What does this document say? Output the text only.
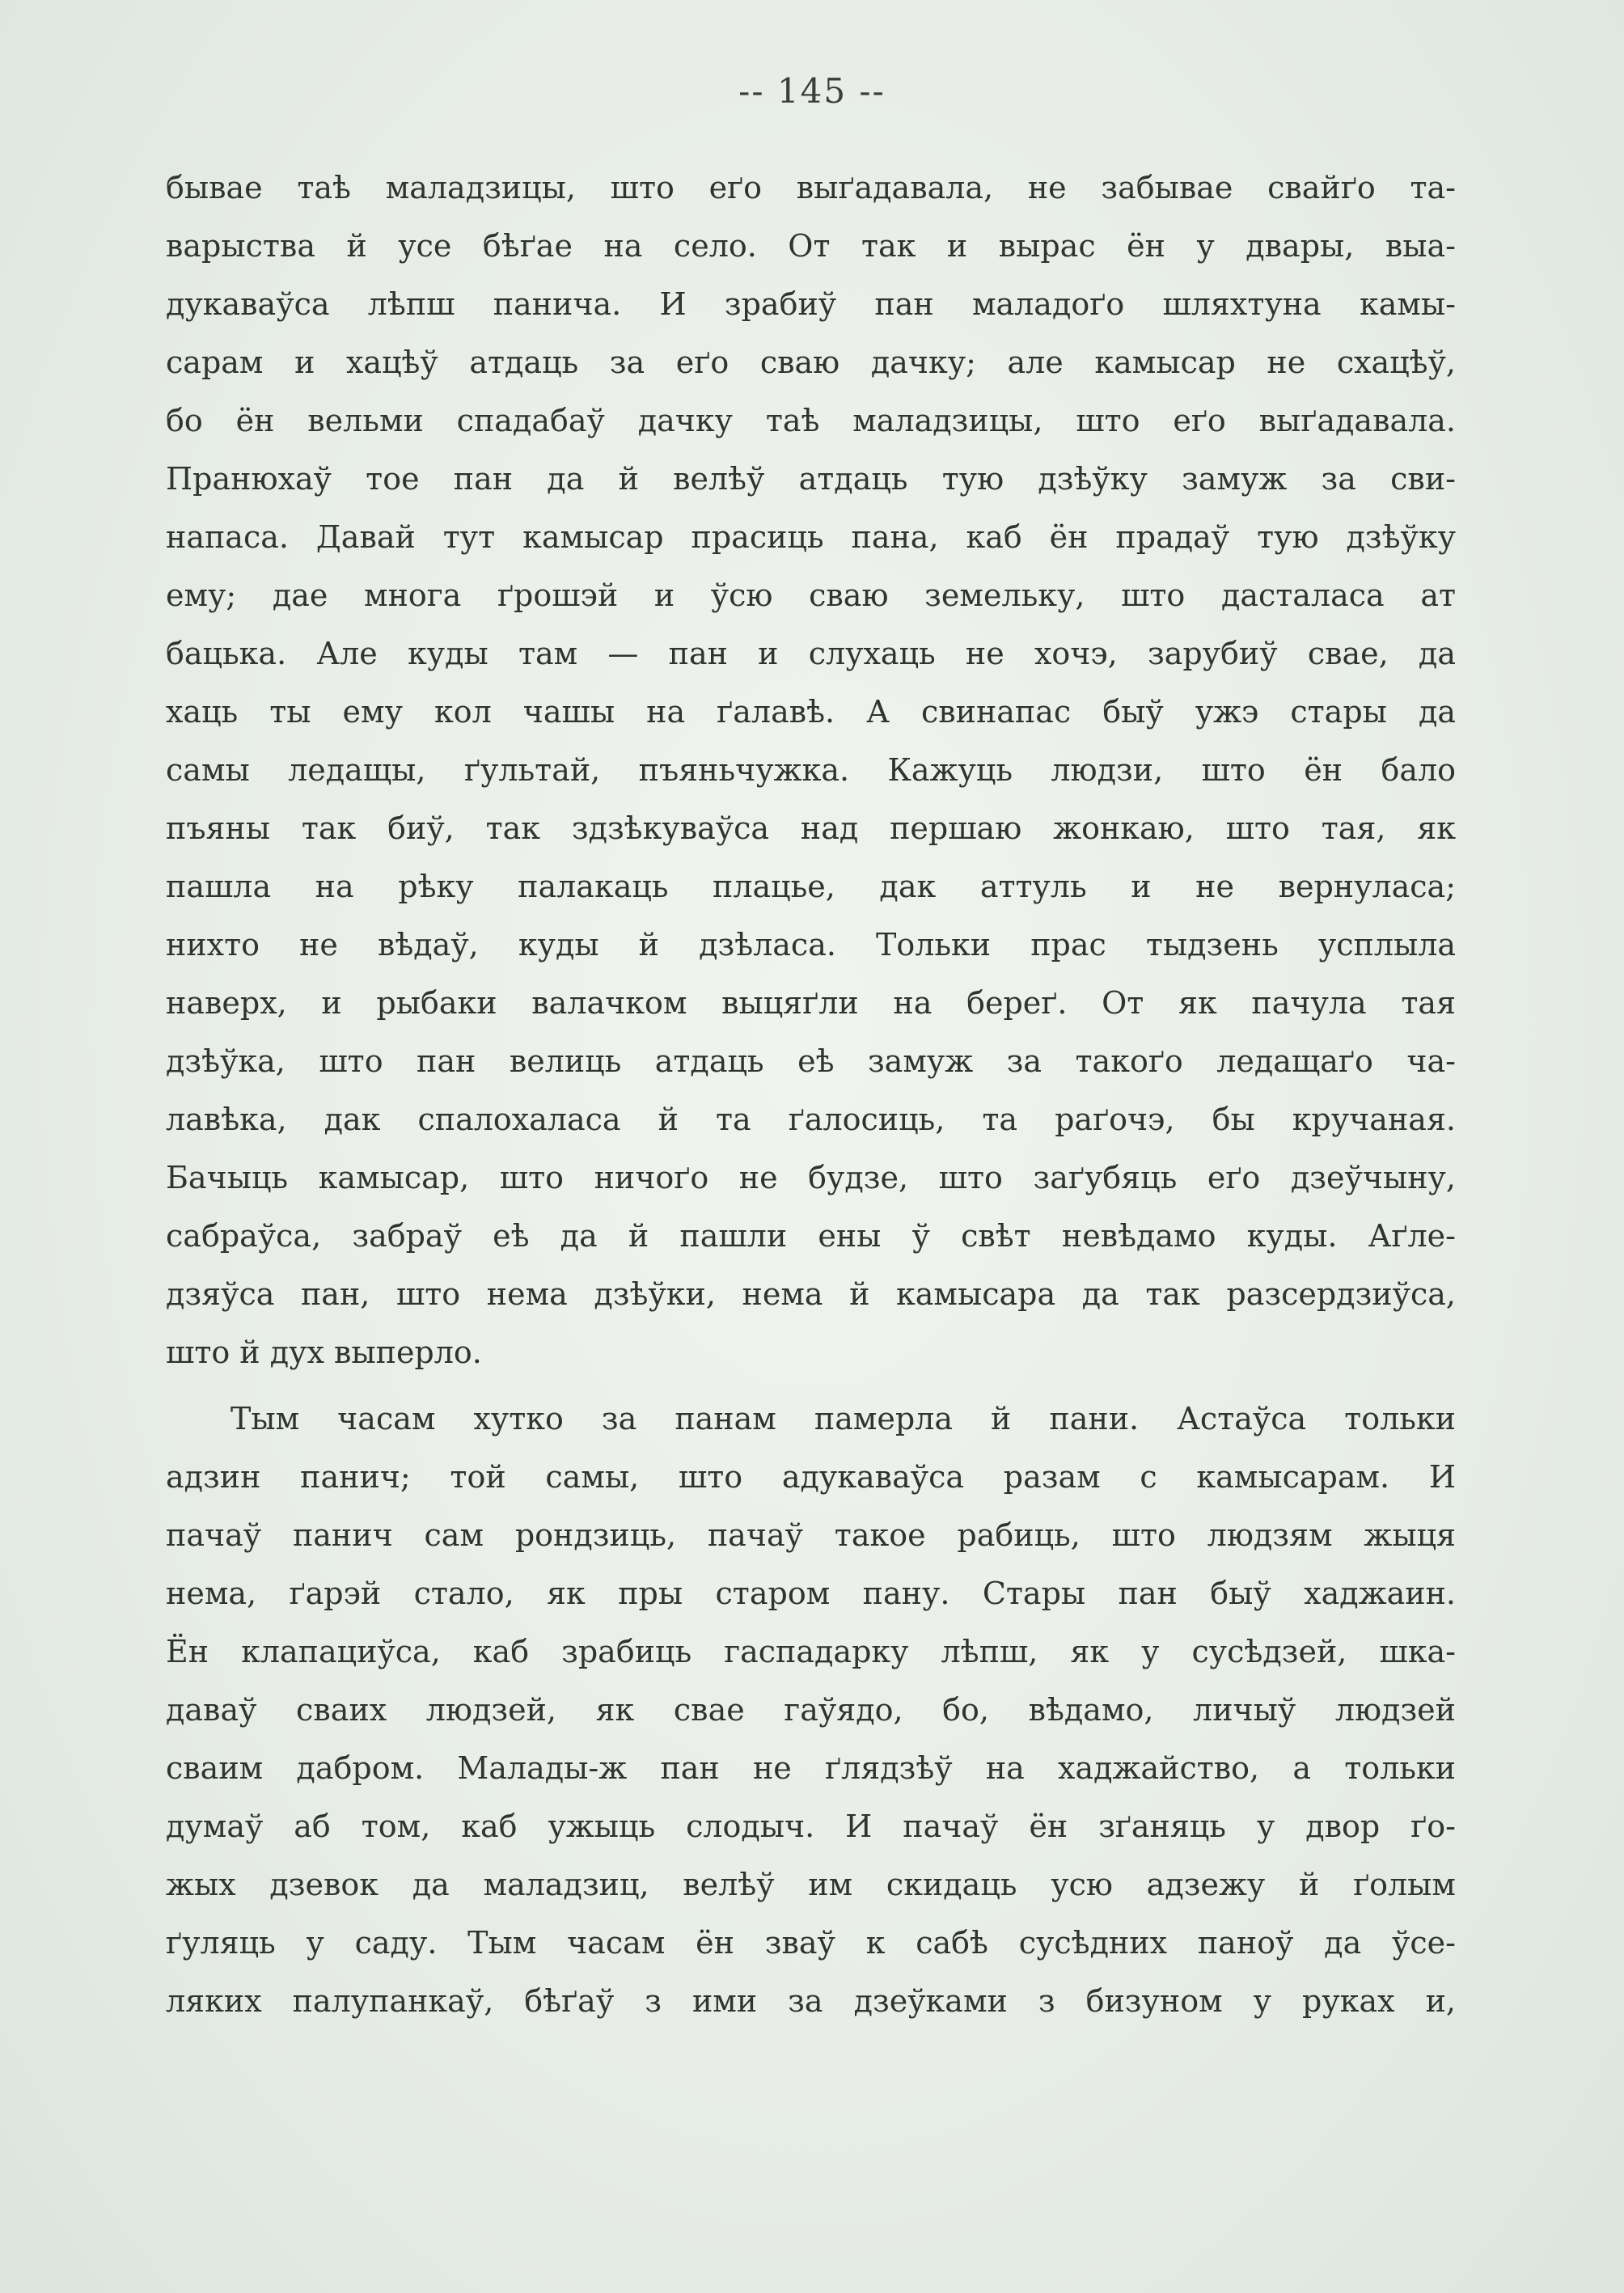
-- 145 --
бываe таѣ маладзицы, што еґо выґадавала, не забываe свайґо та-
варыства й усе бѣґае на село. От так и вырас ён у двары, выа-
дукаваўса лѣпш панича. И зрабиў пан маладоґо шляхтуна камы-
сарам и хацѣў атдаць за еґо сваю дачку; але камысар не схацѣў,
бо ён вельми спадабаў дачку таѣ маладзицы, што еґо выґадавала.
Пранюхаў тое пан да й велѣў атдаць тую дзѣўку замуж за сви-
напаса. Давай тут камысар прасиць пана, каб ён прадаў тую дзѣўку
ему; дае многа ґрошэй и ўсю сваю земельку, што дасталаса ат
бацька. Але куды там — пан и слухаць не хочэ, зарубиў свае, да
хаць ты ему кол чашы на ґалавѣ. А свинапас быў ужэ стары да
самы ледащы, ґультай, пъяньчужка. Кажуць людзи, што ён бало
пъяны так биў, так здзѣкуваўса над першаю жонкаю, што тая, як
пашла на рѣку палакаць плацье, дак аттуль и не вернуласа;
нихто не вѣдаў, куды й дзѣласа. Тольки прас тыдзень усплыла
наверх, и рыбаки валачком выцяґли на береґ. От як пачула тая
дзѣўка, што пан велиць атдаць еѣ замуж за такоґо ледащаґо ча-
лавѣка, дак спалохаласа й та ґалосиць, та раґочэ, бы кручаная.
Бачыць камысар, што ничоґо не будзе, што заґубяць еґо дзеўчыну,
сабраўса, забраў еѣ да й пашли ены ў свѣт невѣдамо куды. Аґле-
дзяўса пан, што нема дзѣўки, нема й камысара да так разсердзиўса,
што й дух выперло.
Тым часам хутко за панам памерла й пани. Астаўса тольки
адзин панич; той самы, што адукаваўса разам с камысарам. И
пачаў панич сам рондзиць, пачаў такое рабиць, што людзям жыця
нема, ґарэй стало, як пры старом пану. Стары пан быў хаджаин.
Ён клапациўса, каб зрабиць гаспадарку лѣпш, як у сусѣдзей, шка-
даваў сваих людзей, як свае гаўядо, бо, вѣдамо, личыў людзей
сваим дабром. Малады-ж пан не ґлядзѣў на хаджайство, а тольки
думаў аб том, каб ужыць слодыч. И пачаў ён зґаняць у двор ґо-
жых дзевок да маладзиц, велѣў им скидаць усю адзежу й ґолым
ґуляць у саду. Тым часам ён зваў к сабѣ сусѣдних паноў да ўсе-
ляких палупанкаў, бѣґаў з ими за дзеўками з бизуном у руках и,
